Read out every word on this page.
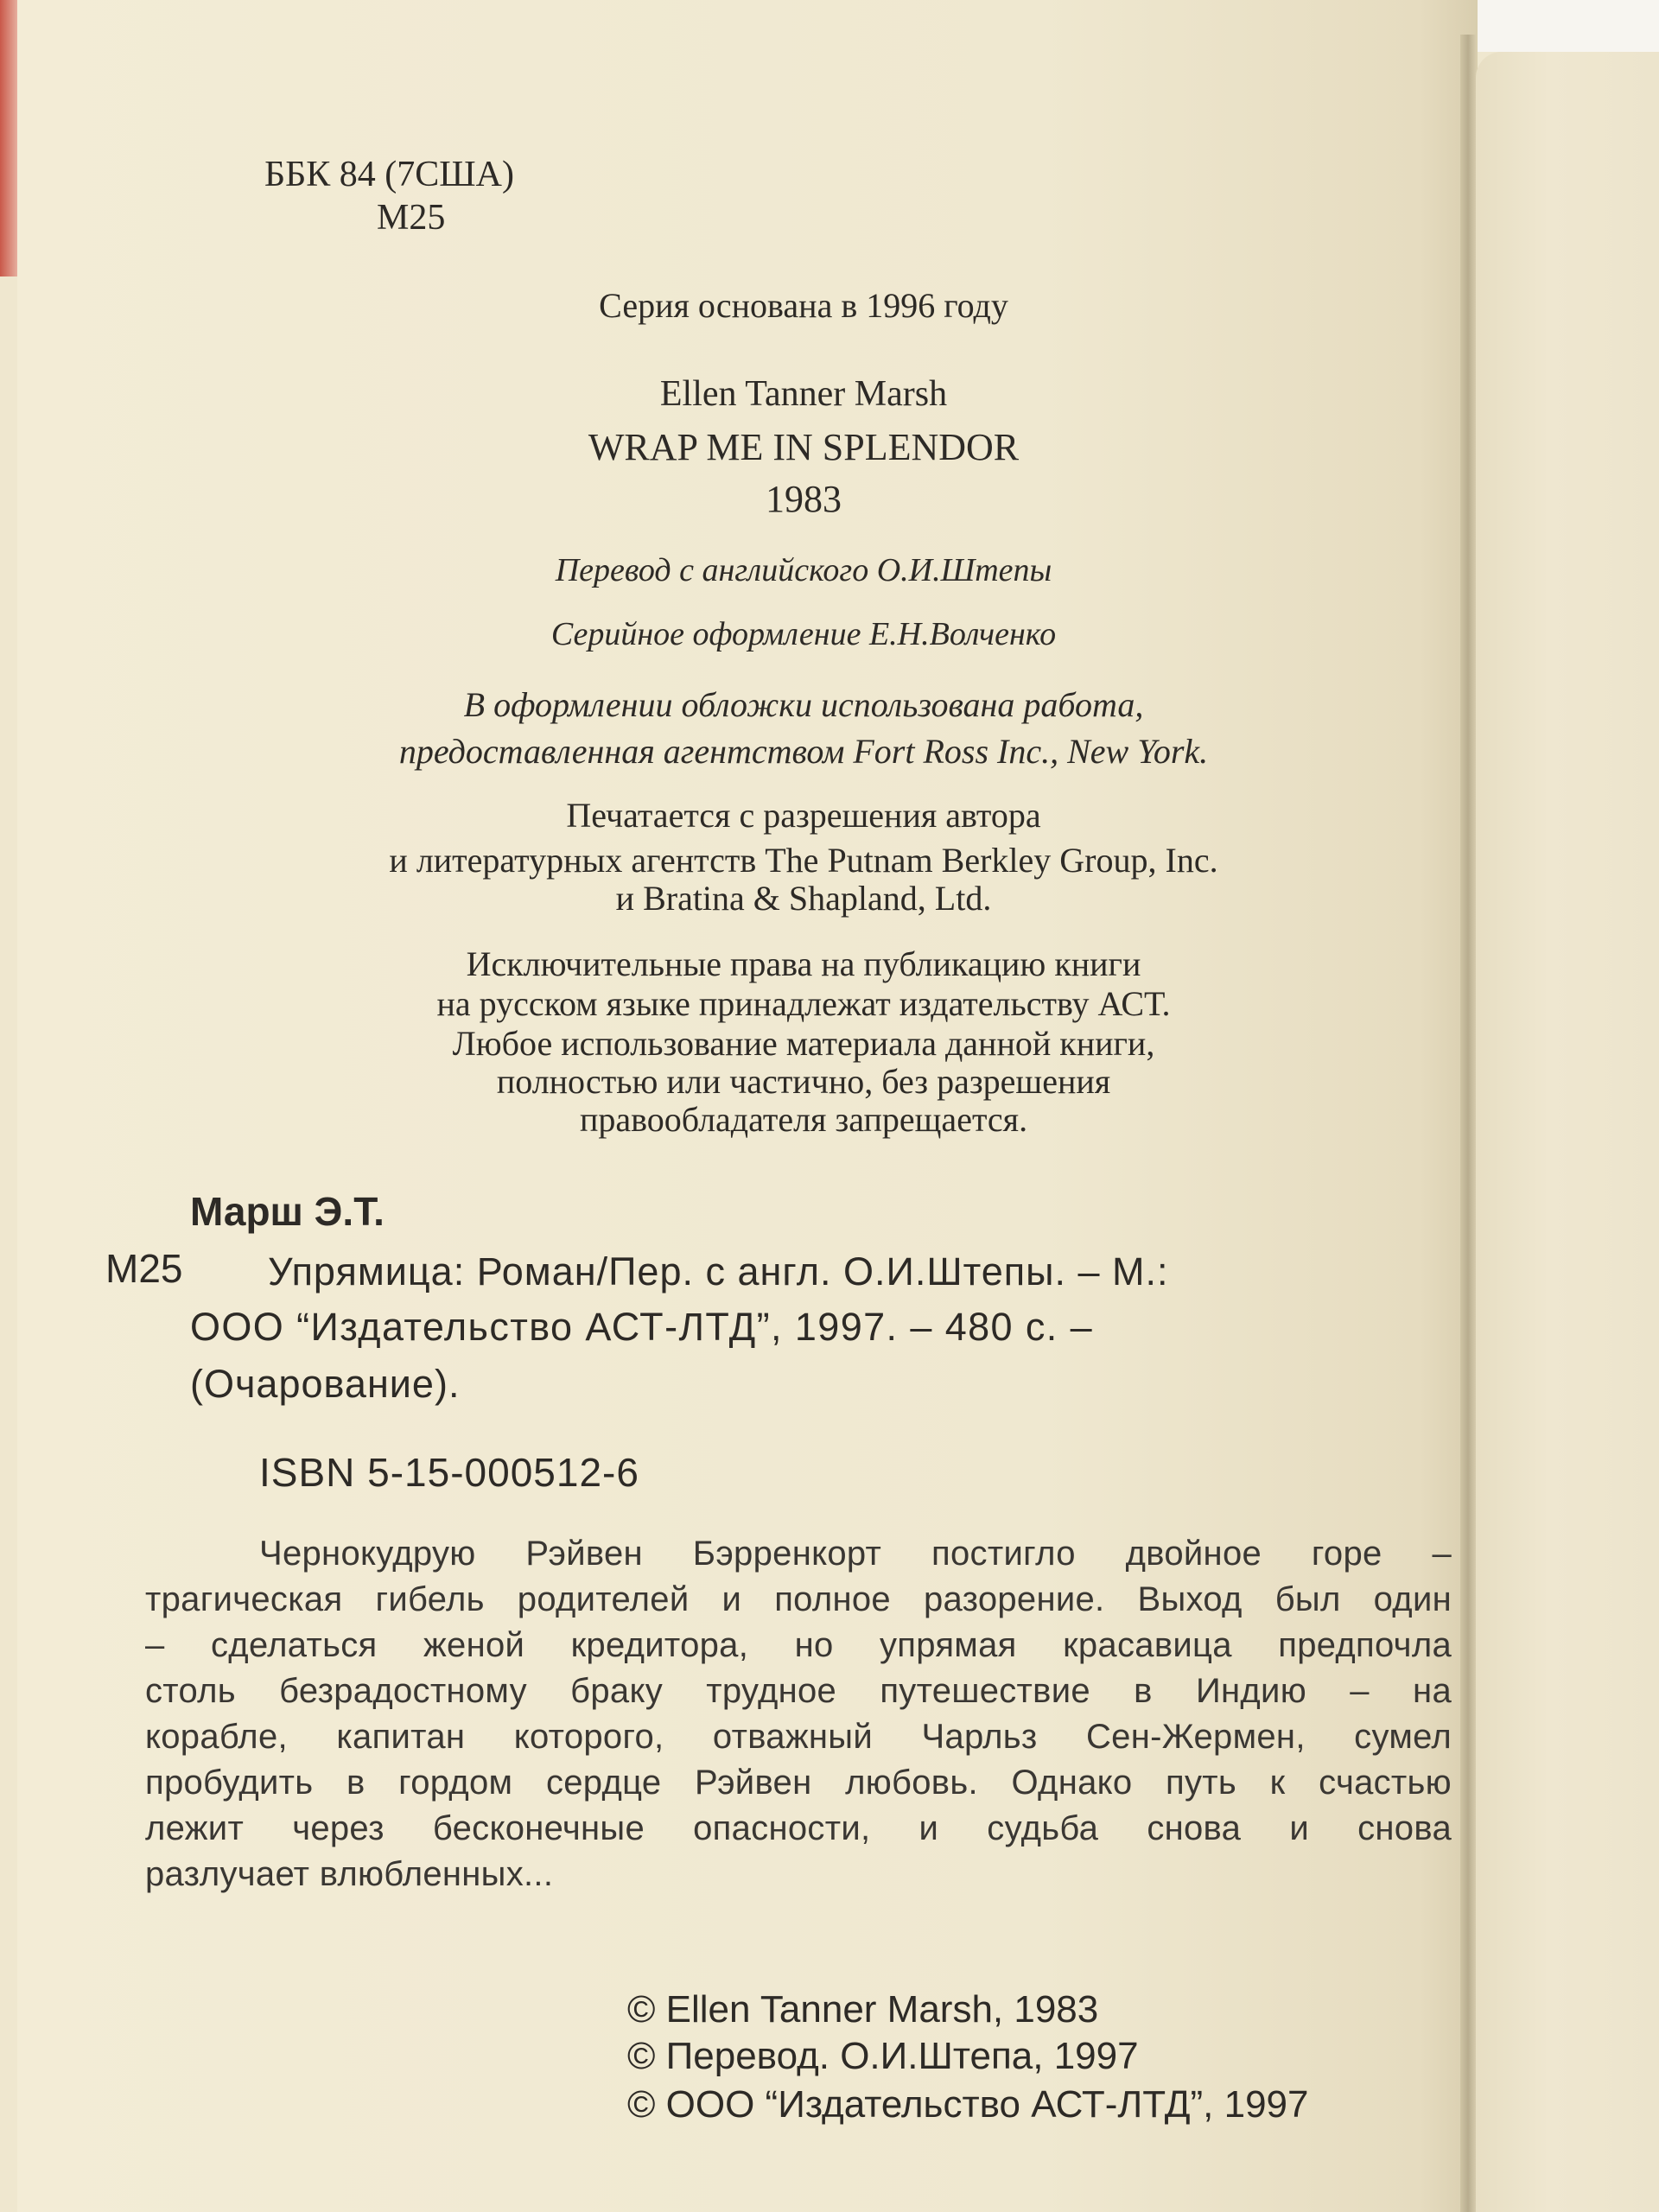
ББК 84 (7США)

М25

Серия основана в 1996 году

Ellen Tanner Marsh

WRAP ME IN SPLENDOR

1983

Перевод с английского О.И.Штепы

Серийное оформление Е.Н.Волченко

В оформлении обложки использована работа,

предоставленная агентством Fort Ross Inc., New York.

Печатается с разрешения автора

и литературных агентств The Putnam Berkley Group, Inc.

и Bratina & Shapland, Ltd.

Исключительные права на публикацию книги

на русском языке принадлежат издательству АСТ.

Любое использование материала данной книги,

полностью или частично, без разрешения

правообладателя запрещается.

Марш Э.Т.

М25 Упрямица: Роман/Пер. с англ. О.И.Штепы. – М.:

ООО “Издательство АСТ-ЛТД”, 1997. – 480 с. –

(Очарование).

ISBN 5-15-000512-6

Чернокудрую Рэйвен Бэрренкорт постигло двойное горе –

трагическая гибель родителей и полное разорение. Выход был один

– сделаться женой кредитора, но упрямая красавица предпочла

столь безрадостному браку трудное путешествие в Индию – на

корабле, капитан которого, отважный Чарльз Сен-Жермен, сумел

пробудить в гордом сердце Рэйвен любовь. Однако путь к счастью

лежит через бесконечные опасности, и судьба снова и снова

разлучает влюбленных...

© Ellen Tanner Marsh, 1983

© Перевод. О.И.Штепа, 1997

© ООО “Издательство АСТ-ЛТД”, 1997
